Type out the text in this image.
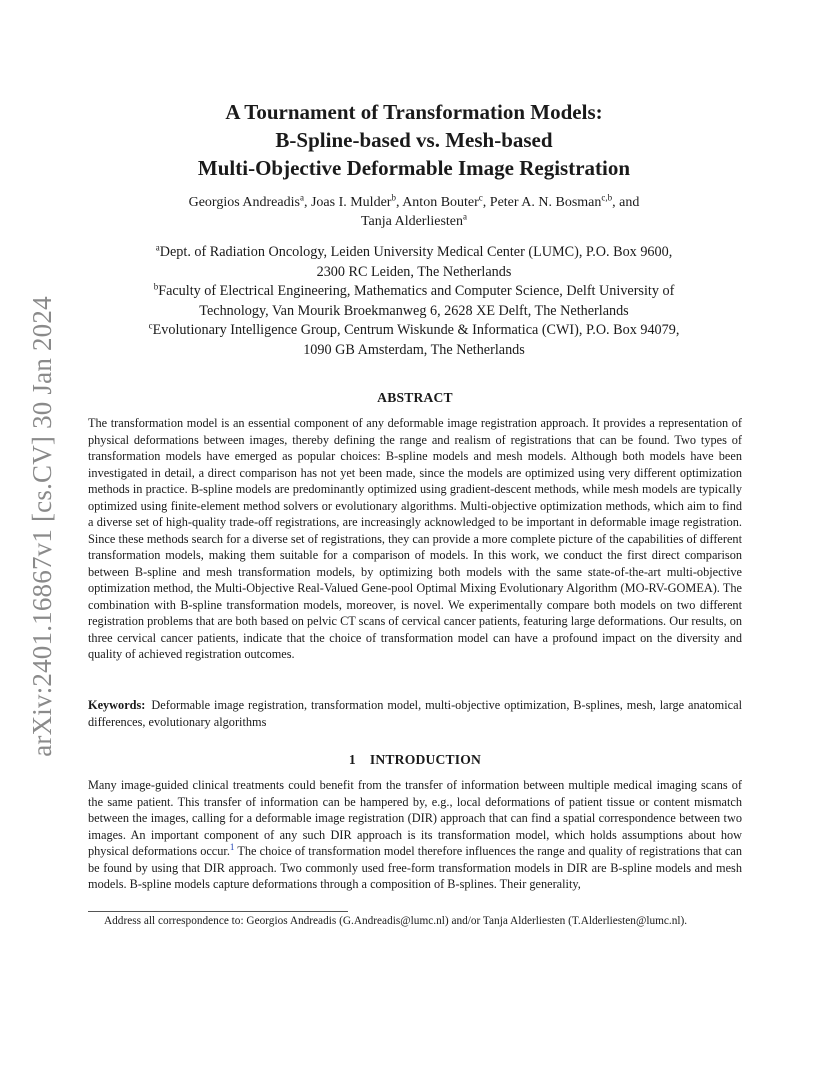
arXiv:2401.16867v1 [cs.CV] 30 Jan 2024
A Tournament of Transformation Models:
B-Spline-based vs. Mesh-based
Multi-Objective Deformable Image Registration
Georgios Andreadis$^a$, Joas I. Mulder$^b$, Anton Bouter$^c$, Peter A. N. Bosman$^{c,b}$, and
Tanja Alderliesten$^a$
$^a$Dept. of Radiation Oncology, Leiden University Medical Center (LUMC), P.O. Box 9600,
2300 RC Leiden, The Netherlands
$^b$Faculty of Electrical Engineering, Mathematics and Computer Science, Delft University of
Technology, Van Mourik Broekmanweg 6, 2628 XE Delft, The Netherlands
$^c$Evolutionary Intelligence Group, Centrum Wiskunde & Informatica (CWI), P.O. Box 94079,
1090 GB Amsterdam, The Netherlands
ABSTRACT
The transformation model is an essential component of any deformable image registration approach. It provides a representation of physical deformations between images, thereby defining the range and realism of registrations that can be found. Two types of transformation models have emerged as popular choices: B-spline models and mesh models. Although both models have been investigated in detail, a direct comparison has not yet been made, since the models are optimized using very different optimization methods in practice. B-spline models are predominantly optimized using gradient-descent methods, while mesh models are typically optimized using finite-element method solvers or evolutionary algorithms. Multi-objective optimization methods, which aim to find a diverse set of high-quality trade-off registrations, are increasingly acknowledged to be important in deformable image registration. Since these methods search for a diverse set of registrations, they can provide a more complete picture of the capabilities of different transformation models, making them suitable for a comparison of models. In this work, we conduct the first direct comparison between B-spline and mesh transformation models, by optimizing both models with the same state-of-the-art multi-objective optimization method, the Multi-Objective Real-Valued Gene-pool Optimal Mixing Evolutionary Algorithm (MO-RV-GOMEA). The combination with B-spline transformation models, moreover, is novel. We experimentally compare both models on two different registration problems that are both based on pelvic CT scans of cervical cancer patients, featuring large deformations. Our results, on three cervical cancer patients, indicate that the choice of transformation model can have a profound impact on the diversity and quality of achieved registration outcomes.
Keywords: Deformable image registration, transformation model, multi-objective optimization, B-splines, mesh, large anatomical differences, evolutionary algorithms
1 INTRODUCTION
Many image-guided clinical treatments could benefit from the transfer of information between multiple medical imaging scans of the same patient. This transfer of information can be hampered by, e.g., local deformations of patient tissue or content mismatch between the images, calling for a deformable image registration (DIR) approach that can find a spatial correspondence between two images. An important component of any such DIR approach is its transformation model, which holds assumptions about how physical deformations occur.$^1$ The choice of transformation model therefore influences the range and quality of registrations that can be found by using that DIR approach. Two commonly used free-form transformation models in DIR are B-spline models and mesh models. B-spline models capture deformations through a composition of B-splines. Their generality,
Address all correspondence to: Georgios Andreadis (G.Andreadis@lumc.nl) and/or Tanja Alderliesten (T.Alderliesten@lumc.nl).
